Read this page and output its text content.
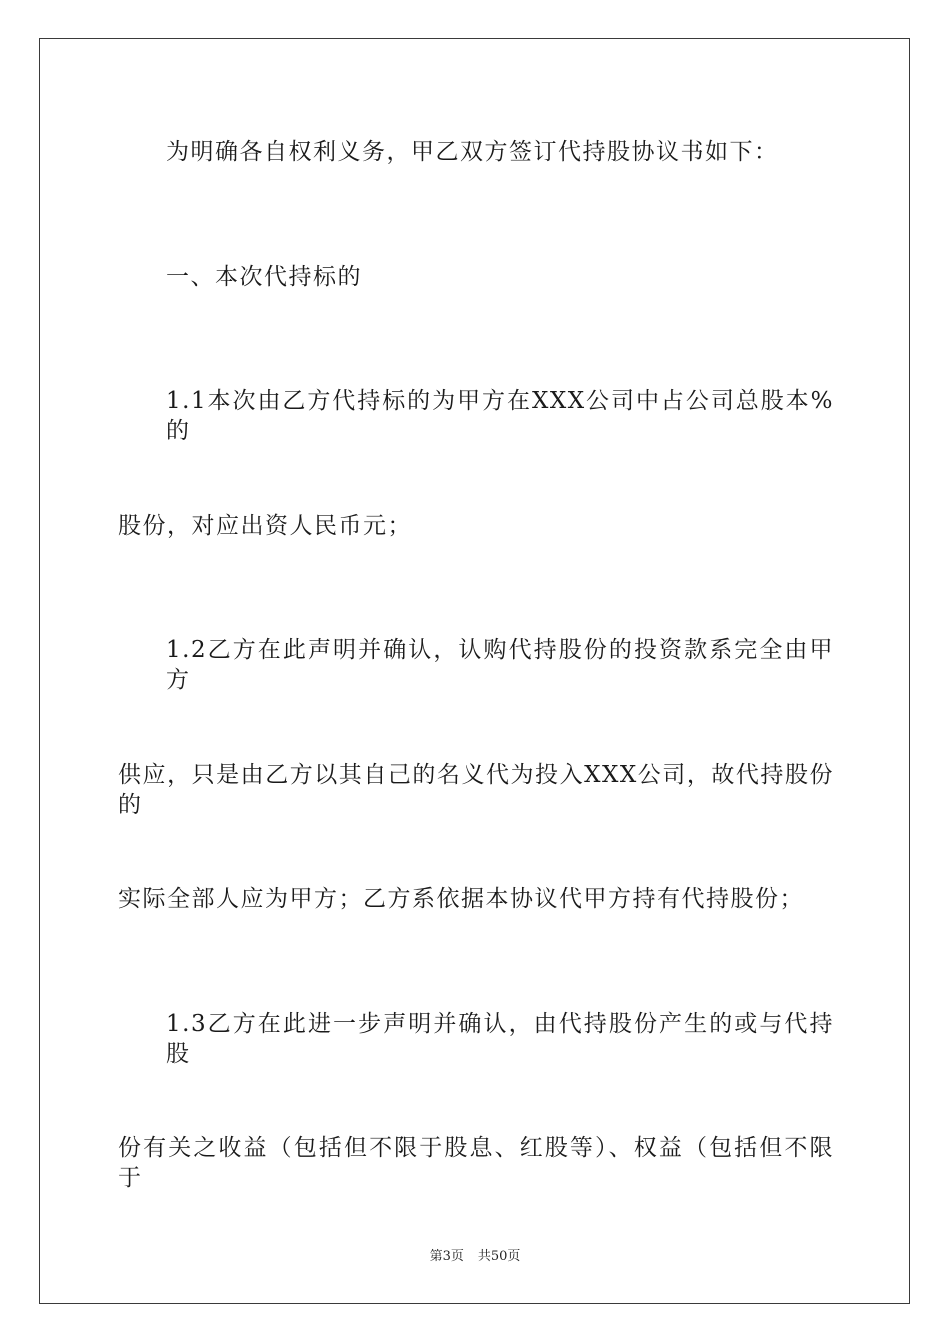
为明确各自权利义务，甲乙双方签订代持股协议书如下：
一、本次代持标的
1.1本次由乙方代持标的为甲方在XXX公司中占公司总股本%的
股份，对应出资人民币元；
1.2乙方在此声明并确认，认购代持股份的投资款系完全由甲方
供应，只是由乙方以其自己的名义代为投入XXX公司，故代持股份的
实际全部人应为甲方；乙方系依据本协议代甲方持有代持股份；
1.3乙方在此进一步声明并确认，由代持股份产生的或与代持股
份有关之收益（包括但不限于股息、红股等）、权益（包括但不限于
第3页 共50页
